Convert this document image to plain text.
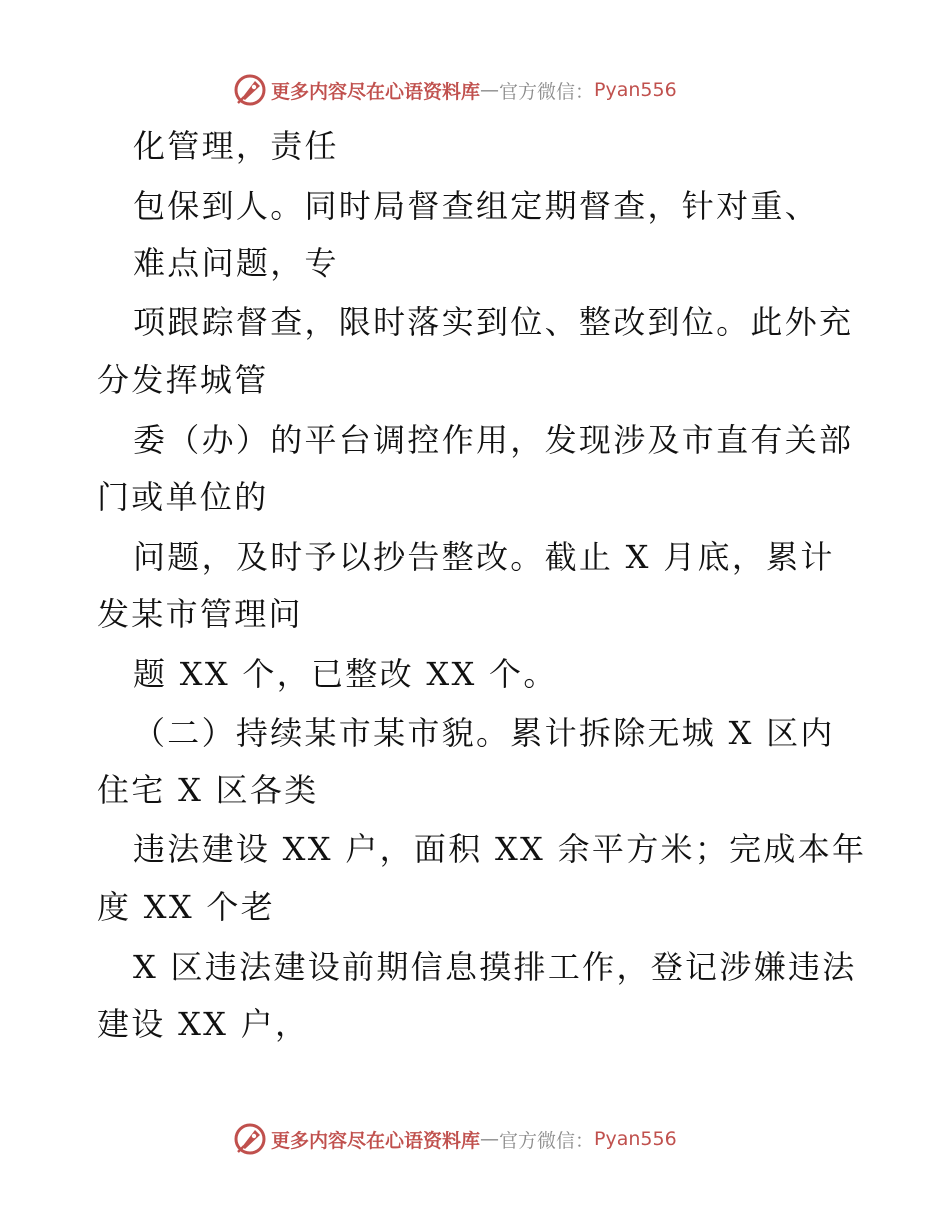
更多内容尽在心语资料库 — 官方微信： Pyan556
化管理，责任
包保到人。同时局督查组定期督查，针对重、
难点问题，专
项跟踪督查，限时落实到位、整改到位。此外充
分发挥城管
委（办）的平台调控作用，发现涉及市直有关部
门或单位的
问题，及时予以抄告整改。截止 X 月底，累计
发某市管理问
题 XX 个，已整改 XX 个。
（二）持续某市某市貌。累计拆除无城 X 区内
住宅 X 区各类
违法建设 XX 户，面积 XX 余平方米；完成本年
度 XX 个老
X 区违法建设前期信息摸排工作，登记涉嫌违法
建设 XX 户，
更多内容尽在心语资料库 — 官方微信： Pyan556
